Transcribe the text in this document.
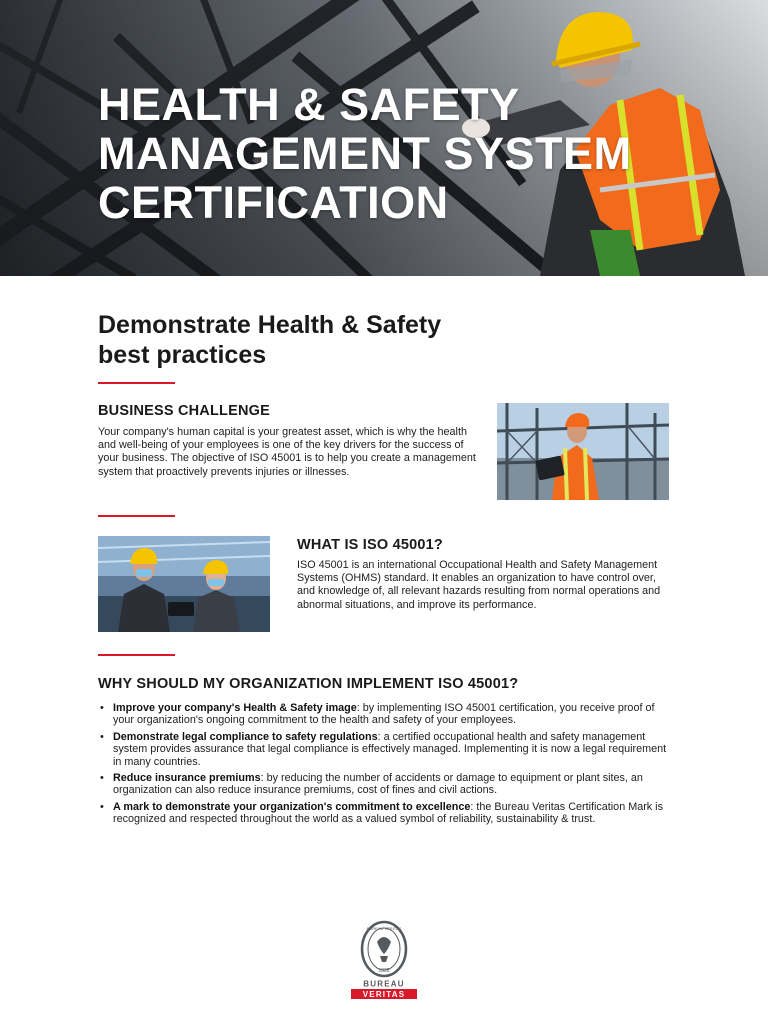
HEALTH & SAFETY
MANAGEMENT SYSTEM
CERTIFICATION
Demonstrate Health & Safety
best practices
BUSINESS CHALLENGE

Your company's human capital is your greatest asset, which is why the health and well-being of your employees is one of the key drivers for the success of your business. The objective of ISO 45001 is to help you create a management system that proactively prevents injuries or illnesses.

WHAT IS ISO 45001?

ISO 45001 is an international Occupational Health and Safety Management Systems (OHMS) standard. It enables an organization to have control over, and knowledge of, all relevant hazards resulting from normal operations and abnormal situations, and improve its performance.

WHY SHOULD MY ORGANIZATION IMPLEMENT ISO 45001?
• Improve your company's Health & Safety image: by implementing ISO 45001 certification, you receive proof of your organization's ongoing commitment to the health and safety of your employees.
• Demonstrate legal compliance to safety regulations: a certified occupational health and safety management system provides assurance that legal compliance is effectively managed. Implementing it is now a legal requirement in many countries.
• Reduce insurance premiums: by reducing the number of accidents or damage to equipment or plant sites, an organization can also reduce insurance premiums, cost of fines and civil actions.
• A mark to demonstrate your organization's commitment to excellence: the Bureau Veritas Certification Mark is recognized and respected throughout the world as a valued symbol of reliability, sustainability & trust.
BUREAU VERITAS
1828
BUREAU
VERITAS
